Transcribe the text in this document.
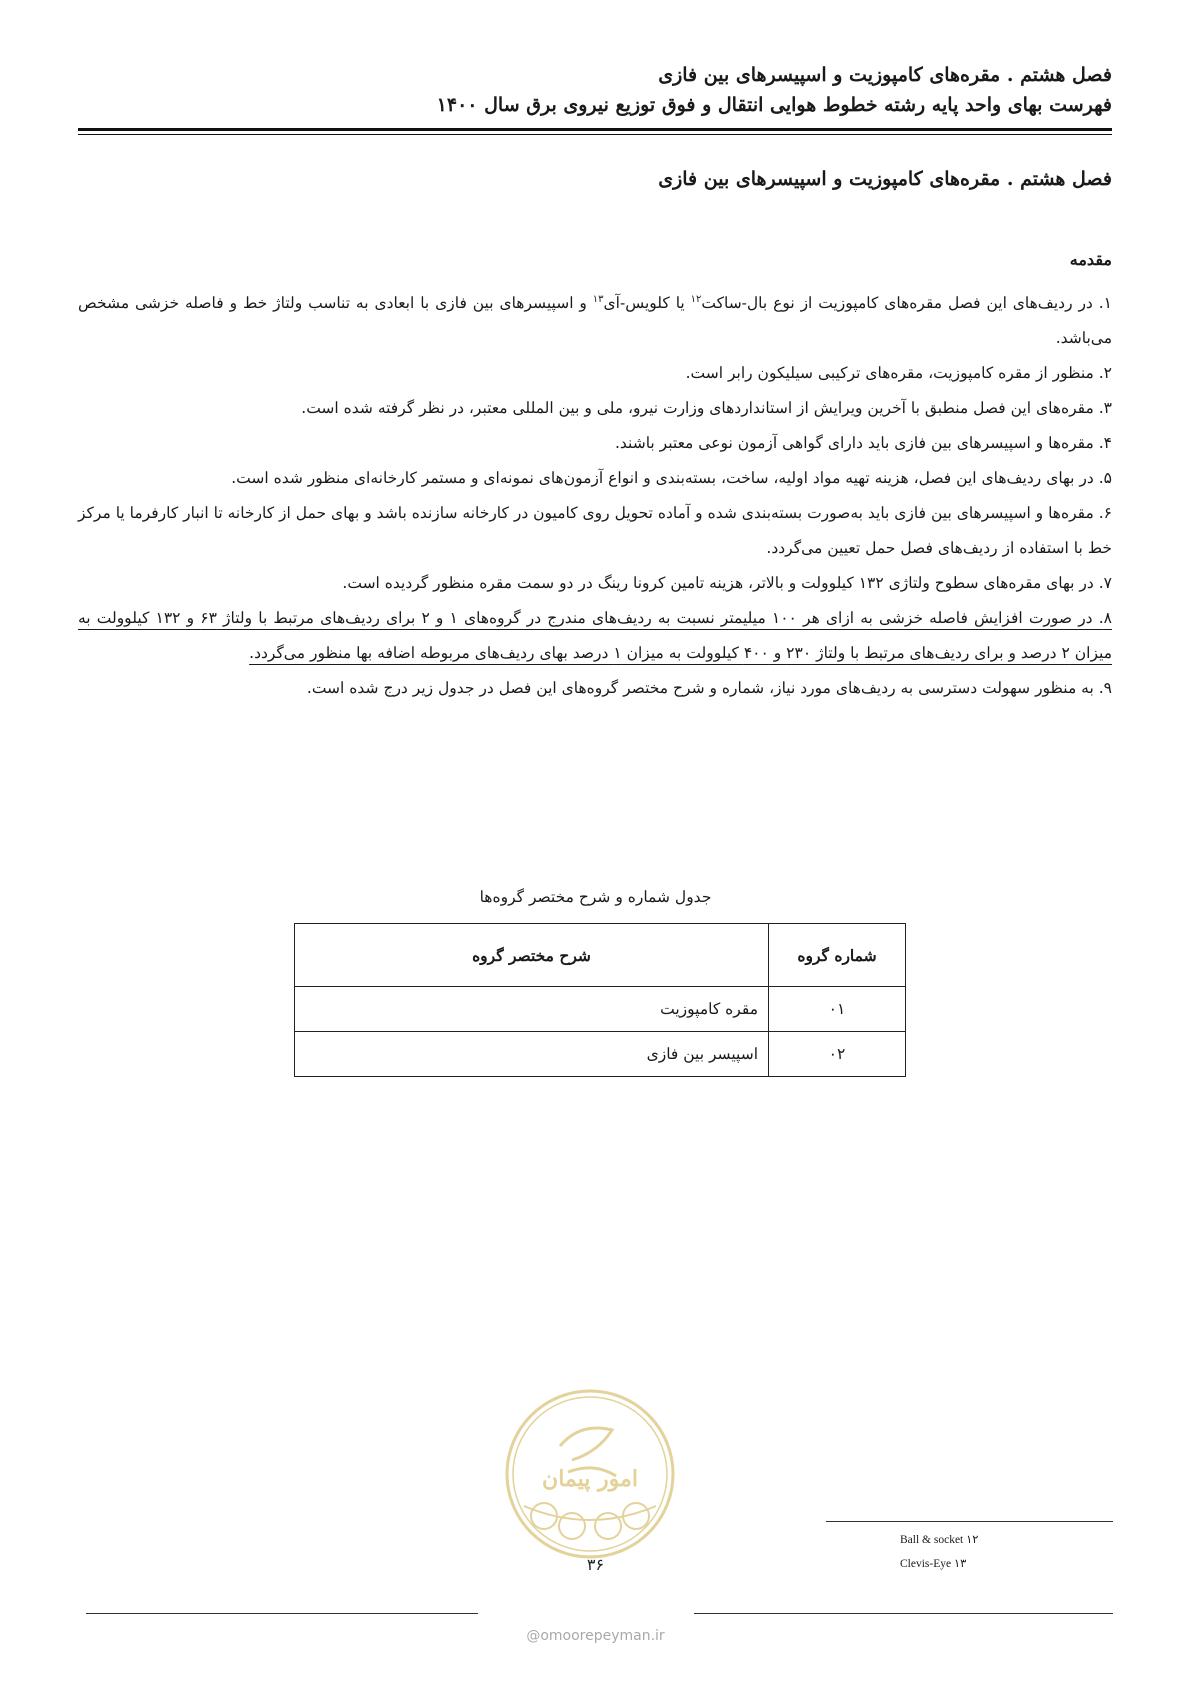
فصل هشتم . مقره‌های کامپوزیت و اسپیسرهای بین فازی
فهرست بهای واحد پایه رشته خطوط هوایی انتقال و فوق توزیع نیروی برق سال ۱۴۰۰
فصل هشتم . مقره‌های کامپوزیت و اسپیسرهای بین فازی
مقدمه

۱. در ردیف‌های این فصل مقره‌های کامپوزیت از نوع بال-ساکت$^{۱۲}$ یا کلویس-آی$^{۱۳}$ و اسپیسرهای بین فازی با ابعادی به تناسب ولتاژ خط و فاصله خزشی مشخص می‌باشد.

۲. منظور از مقره کامپوزیت، مقره‌های ترکیبی سیلیکون رابر است.

۳. مقره‌های این فصل منطبق با آخرین ویرایش از استانداردهای وزارت نیرو، ملی و بین المللی معتبر، در نظر گرفته شده است.

۴. مقره‌ها و اسپیسرهای بین فازی باید دارای گواهی آزمون نوعی معتبر باشند.

۵. در بهای ردیف‌های این فصل، هزینه تهیه مواد اولیه، ساخت، بسته‌بندی و انواع آزمون‌های نمونه‌ای و مستمر کارخانه‌ای منظور شده است.

۶. مقره‌ها و اسپیسرهای بین فازی باید به‌صورت بسته‌بندی شده و آماده تحویل روی کامیون در کارخانه سازنده باشد و بهای حمل از کارخانه تا انبار کارفرما یا مرکز خط با استفاده از ردیف‌های فصل حمل تعیین می‌گردد.

۷. در بهای مقره‌های سطوح ولتاژی ۱۳۲ کیلوولت و بالاتر، هزینه تامین کرونا رینگ در دو سمت مقره منظور گردیده است.

۸. در صورت افزایش فاصله خزشی به ازای هر ۱۰۰ میلیمتر نسبت به ردیف‌های مندرج در گروه‌های ۱ و ۲ برای ردیف‌های مرتبط با ولتاژ ۶۳ و ۱۳۲ کیلوولت به میزان ۲ درصد و برای ردیف‌های مرتبط با ولتاژ ۲۳۰ و ۴۰۰ کیلوولت به میزان ۱ درصد بهای ردیف‌های مربوطه اضافه بها منظور می‌گردد.

۹. به منظور سهولت دسترسی به ردیف‌های مورد نیاز، شماره و شرح مختصر گروه‌های این فصل در جدول زیر درج شده است.

جدول شماره و شرح مختصر گروه‌ها
شماره گروه	شرح مختصر گروه
۰۱	مقره کامپوزیت
۰۲	اسپیسر بین فازی
امور پیمان
Ball & socket ۱۲
Clevis-Eye ۱۳
۳۶
@omoorepeyman.ir
